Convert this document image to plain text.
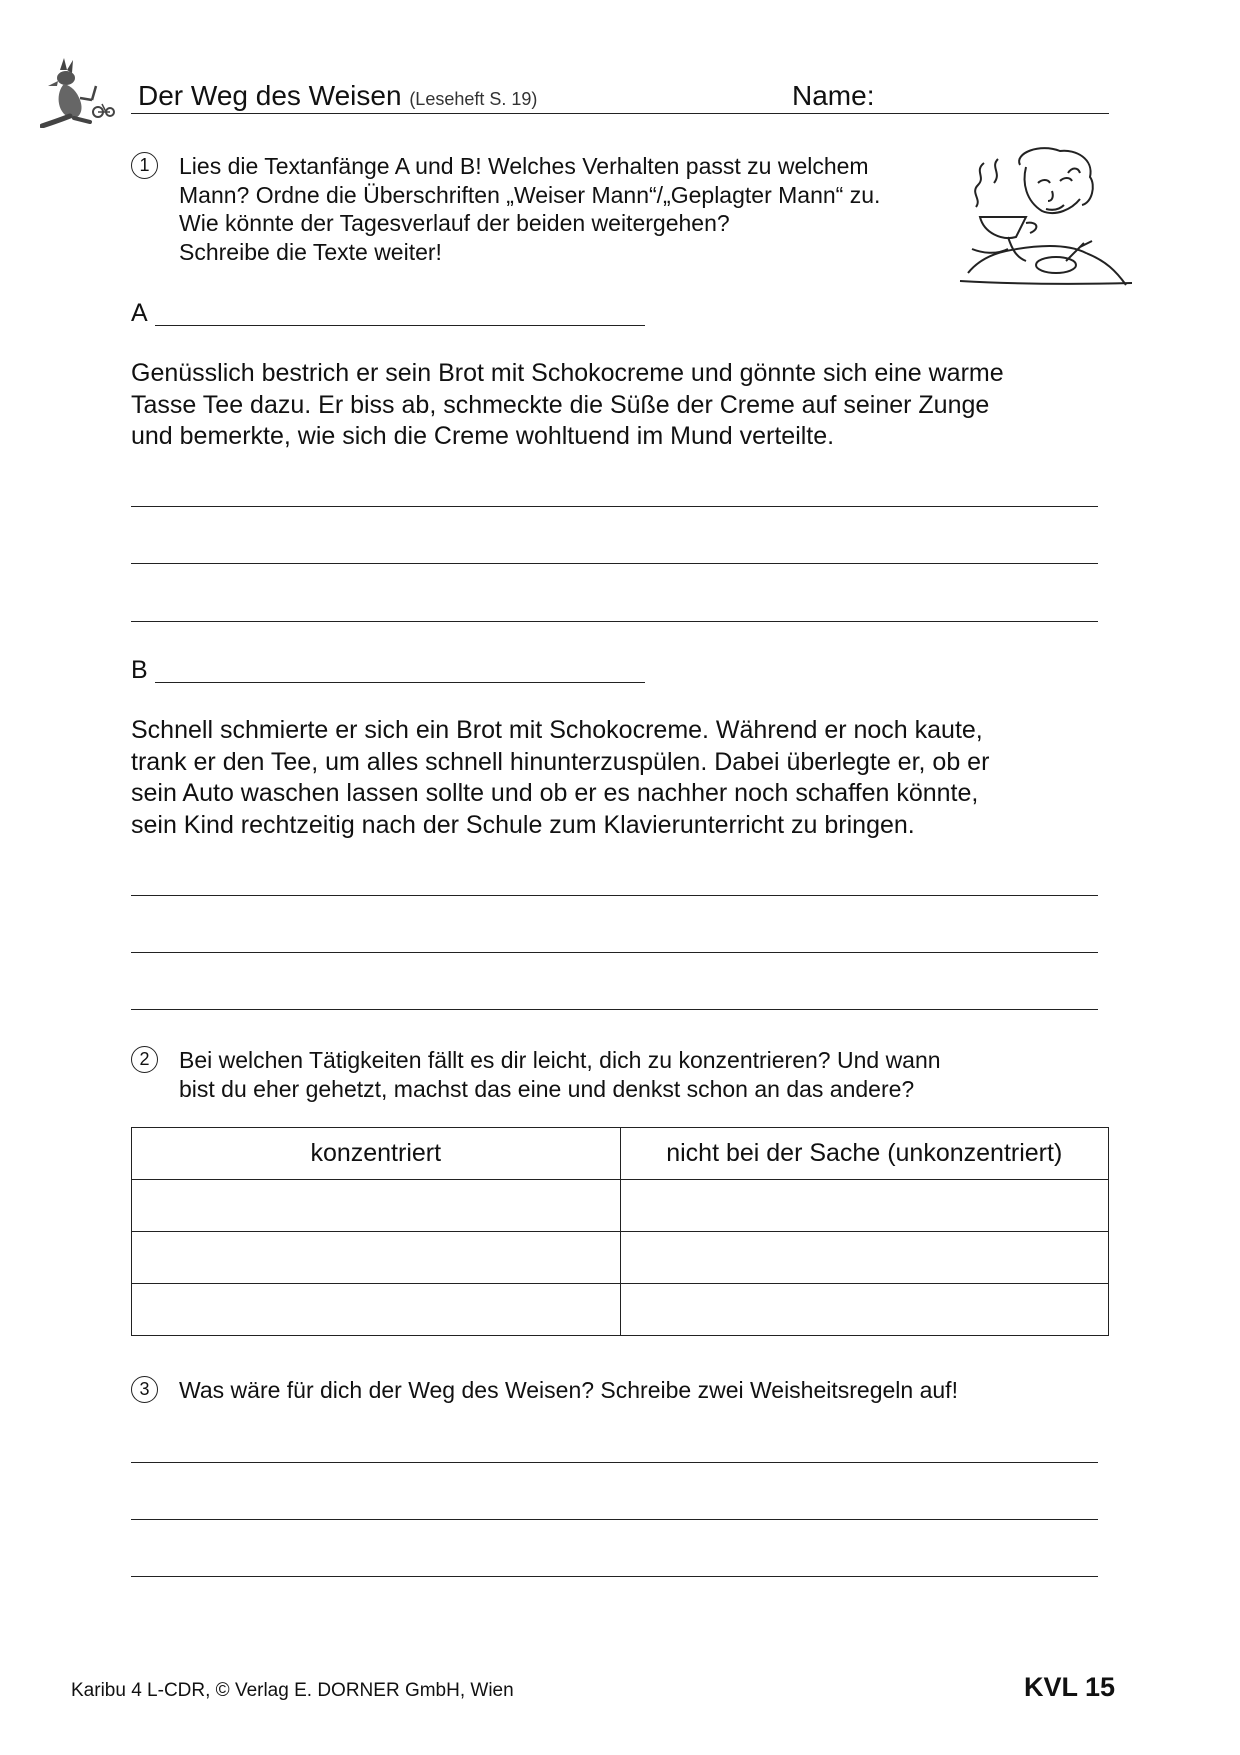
Der Weg des Weisen (Leseheft S. 19)	Name:
1	Lies die Textanfänge A und B! Welches Verhalten passt zu welchem
Mann? Ordne die Überschriften „Weiser Mann“/„Geplagter Mann“ zu.
Wie könnte der Tagesverlauf der beiden weitergehen?
Schreibe die Texte weiter!
A
Genüsslich bestrich er sein Brot mit Schokocreme und gönnte sich eine warme
Tasse Tee dazu. Er biss ab, schmeckte die Süße der Creme auf seiner Zunge
und bemerkte, wie sich die Creme wohltuend im Mund verteilte.
B
Schnell schmierte er sich ein Brot mit Schokocreme. Während er noch kaute,
trank er den Tee, um alles schnell hinunterzuspülen. Dabei überlegte er, ob er
sein Auto waschen lassen sollte und ob er es nachher noch schaffen könnte,
sein Kind rechtzeitig nach der Schule zum Klavierunterricht zu bringen.
2	Bei welchen Tätigkeiten fällt es dir leicht, dich zu konzentrieren? Und wann
bist du eher gehetzt, machst das eine und denkst schon an das andere?
konzentriert	nicht bei der Sache (unkonzentriert)

3	Was wäre für dich der Weg des Weisen? Schreibe zwei Weisheitsregeln auf!
Karibu 4 L-CDR, © Verlag E. DORNER GmbH, Wien	KVL 15
